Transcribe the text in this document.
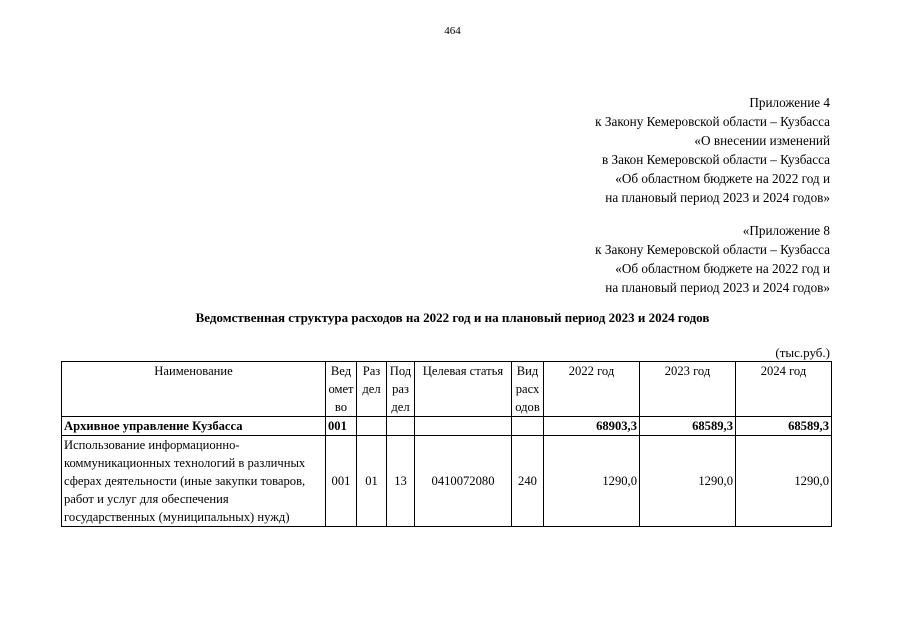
464
Приложение 4
к Закону Кемеровской области – Кузбасса
«О внесении изменений
в Закон Кемеровской области – Кузбасса
«Об областном бюджете на 2022 год и
на плановый период 2023 и 2024 годов»
«Приложение 8
к Закону Кемеровской области – Кузбасса
«Об областном бюджете на 2022 год и
на плановый период 2023 и 2024 годов»
Ведомственная структура расходов на 2022 год и на плановый период 2023 и 2024 годов
(тыс.руб.)
Наименование	Вед омет во	Раз дел	Под раз дел	Целевая статья	Вид расх одов	2022 год	2023 год	2024 год
Архивное управление Кузбасса	001					68903,3	68589,3	68589,3
Использование информационно-коммуникационных технологий в различных сферах деятельности (иные закупки товаров, работ и услуг для обеспечения государственных (муниципальных) нужд)	001	01	13	0410072080	240	1290,0	1290,0	1290,0
